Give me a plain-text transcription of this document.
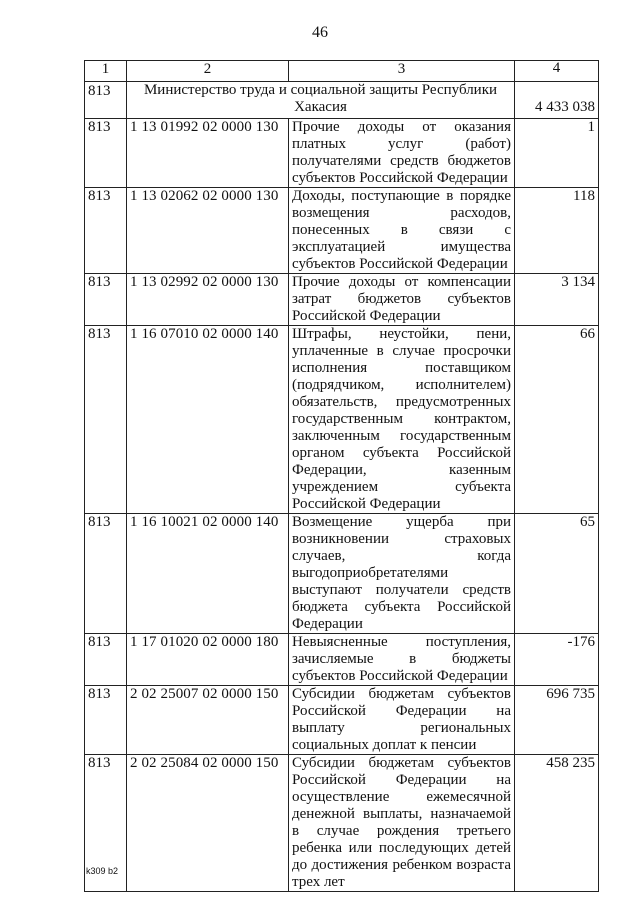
46
1	2	3	4
813	Министерство труда и социальной защиты Республики Хакасия		4 433 038
813	1 13 01992 02 0000 130	Прочие доходы от оказания платных услуг (работ) получателями средств бюджетов субъектов Российской Федерации	1
813	1 13 02062 02 0000 130	Доходы, поступающие в порядке возмещения расходов, понесенных в связи с эксплуатацией имущества субъектов Российской Федерации	118
813	1 13 02992 02 0000 130	Прочие доходы от компенсации затрат бюджетов субъектов Российской Федерации	3 134
813	1 16 07010 02 0000 140	Штрафы, неустойки, пени, уплаченные в случае просрочки исполнения поставщиком (подрядчиком, исполнителем) обязательств, предусмотренных государственным контрактом, заключенным государственным органом субъекта Российской Федерации, казенным учреждением субъекта Российской Федерации	66
813	1 16 10021 02 0000 140	Возмещение ущерба при возникновении страховых случаев, когда выгодоприобретателями выступают получатели средств бюджета субъекта Российской Федерации	65
813	1 17 01020 02 0000 180	Невыясненные поступления, зачисляемые в бюджеты субъектов Российской Федерации	-176
813	2 02 25007 02 0000 150	Субсидии бюджетам субъектов Российской Федерации на выплату региональных социальных доплат к пенсии	696 735
813	2 02 25084 02 0000 150	Субсидии бюджетам субъектов Российской Федерации на осуществление ежемесячной денежной выплаты, назначаемой в случае рождения третьего ребенка или последующих детей до достижения ребенком возраста трех лет	458 235
k309 b2
